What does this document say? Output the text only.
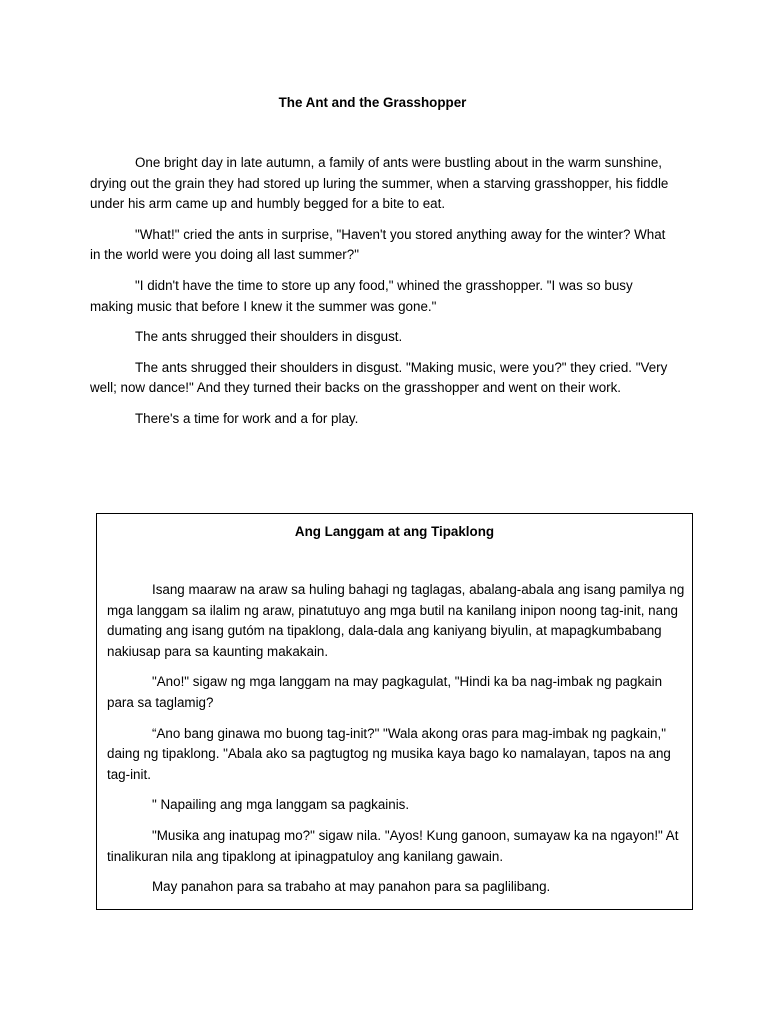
The Ant and the Grasshopper

One bright day in late autumn, a family of ants were bustling about in the warm sunshine, drying out the grain they had stored up luring the summer, when a starving grasshopper, his fiddle under his arm came up and humbly begged for a bite to eat.

"What!" cried the ants in surprise, "Haven't you stored anything away for the winter? What in the world were you doing all last summer?"

"I didn't have the time to store up any food," whined the grasshopper. "I was so busy making music that before I knew it the summer was gone."

The ants shrugged their shoulders in disgust.

The ants shrugged their shoulders in disgust. "Making music, were you?" they cried. "Very well; now dance!" And they turned their backs on the grasshopper and went on their work.

There's a time for work and a for play.

Ang Langgam at ang Tipaklong

Isang maaraw na araw sa huling bahagi ng taglagas, abalang-abala ang isang pamilya ng mga langgam sa ilalim ng araw, pinatutuyo ang mga butil na kanilang inipon noong tag-init, nang dumating ang isang gutóm na tipaklong, dala-dala ang kaniyang biyulin, at mapagkumbabang nakiusap para sa kaunting makakain.

"Ano!" sigaw ng mga langgam na may pagkagulat, "Hindi ka ba nag-imbak ng pagkain para sa taglamig?

“Ano bang ginawa mo buong tag-init?" "Wala akong oras para mag-imbak ng pagkain," daing ng tipaklong. "Abala ako sa pagtugtog ng musika kaya bago ko namalayan, tapos na ang tag-init.

" Napailing ang mga langgam sa pagkainis.

"Musika ang inatupag mo?" sigaw nila. "Ayos! Kung ganoon, sumayaw ka na ngayon!" At tinalikuran nila ang tipaklong at ipinagpatuloy ang kanilang gawain.

May panahon para sa trabaho at may panahon para sa paglilibang.
